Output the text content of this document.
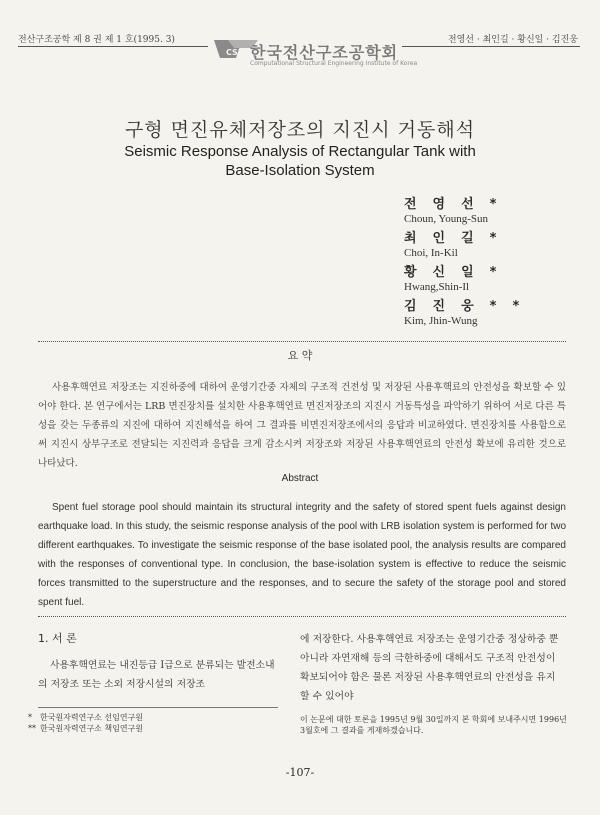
전산구조공학 제 8 권 제 1 호(1995. 3)	전영선 · 최인길 · 황신일 · 김진웅
CSE 한국전산구조공학회
Computational Structural Engineering Institute of Korea
구형 면진유체저장조의 지진시 거동해석
Seismic Response Analysis of Rectangular Tank with
Base-Isolation System
전영선*
Choun, Young-Sun
최인길*
Choi, In-Kil
황신일*
Hwang,Shin-Il
김진웅**
Kim, Jhin-Wung
요 약
사용후핵연료 저장조는 지진하중에 대하여 운영기간중 자체의 구조적 건전성 및 저장된 사용후핵료의 안전성을 확보할 수 있어야 한다. 본 연구에서는 LRB 면진장치를 설치한 사용후핵연료 면진저장조의 지진시 거동특성을 파악하기 위하여 서로 다른 특성을 갖는 두종류의 지진에 대하여 지진해석을 하여 그 결과를 비면진저장조에서의 응답과 비교하였다. 면진장치를 사용함으로써 지진시 상부구조로 전달되는 지진력과 응답을 크게 감소시켜 저장조와 저장된 사용후핵연료의 안전성 확보에 유리한 것으로 나타났다.
Abstract
Spent fuel storage pool should maintain its structural integrity and the safety of stored spent fuels against design earthquake load. In this study, the seismic response analysis of the pool with LRB isolation system is performed for two different earthquakes. To investigate the seismic response of the base isolated pool, the analysis results are compared with the responses of conventional type. In conclusion, the base-isolation system is effective to reduce the seismic forces transmitted to the superstructure and the responses, and to secure the safety of the storage pool and stored spent fuel.
1. 서 론
사용후핵연료는 내진등급 Ⅰ급으로 분류되는 발전소내의 저장조 또는 소외 저장시설의 저장조
에 저장한다. 사용후핵연료 저장조는 운영기간중 정상하중 뿐 아니라 자연재해 등의 극한하중에 대해서도 구조적 안전성이 확보되어야 함은 물론 저장된 사용후핵연료의 안전성을 유지할 수 있어야
* 한국원자력연구소 선임연구원
** 한국원자력연구소 책임연구원
이 논문에 대한 토론을 1995년 9월 30일까지 본 학회에 보내주시면 1996년 3월호에 그 결과를 게재하겠습니다.
-107-
